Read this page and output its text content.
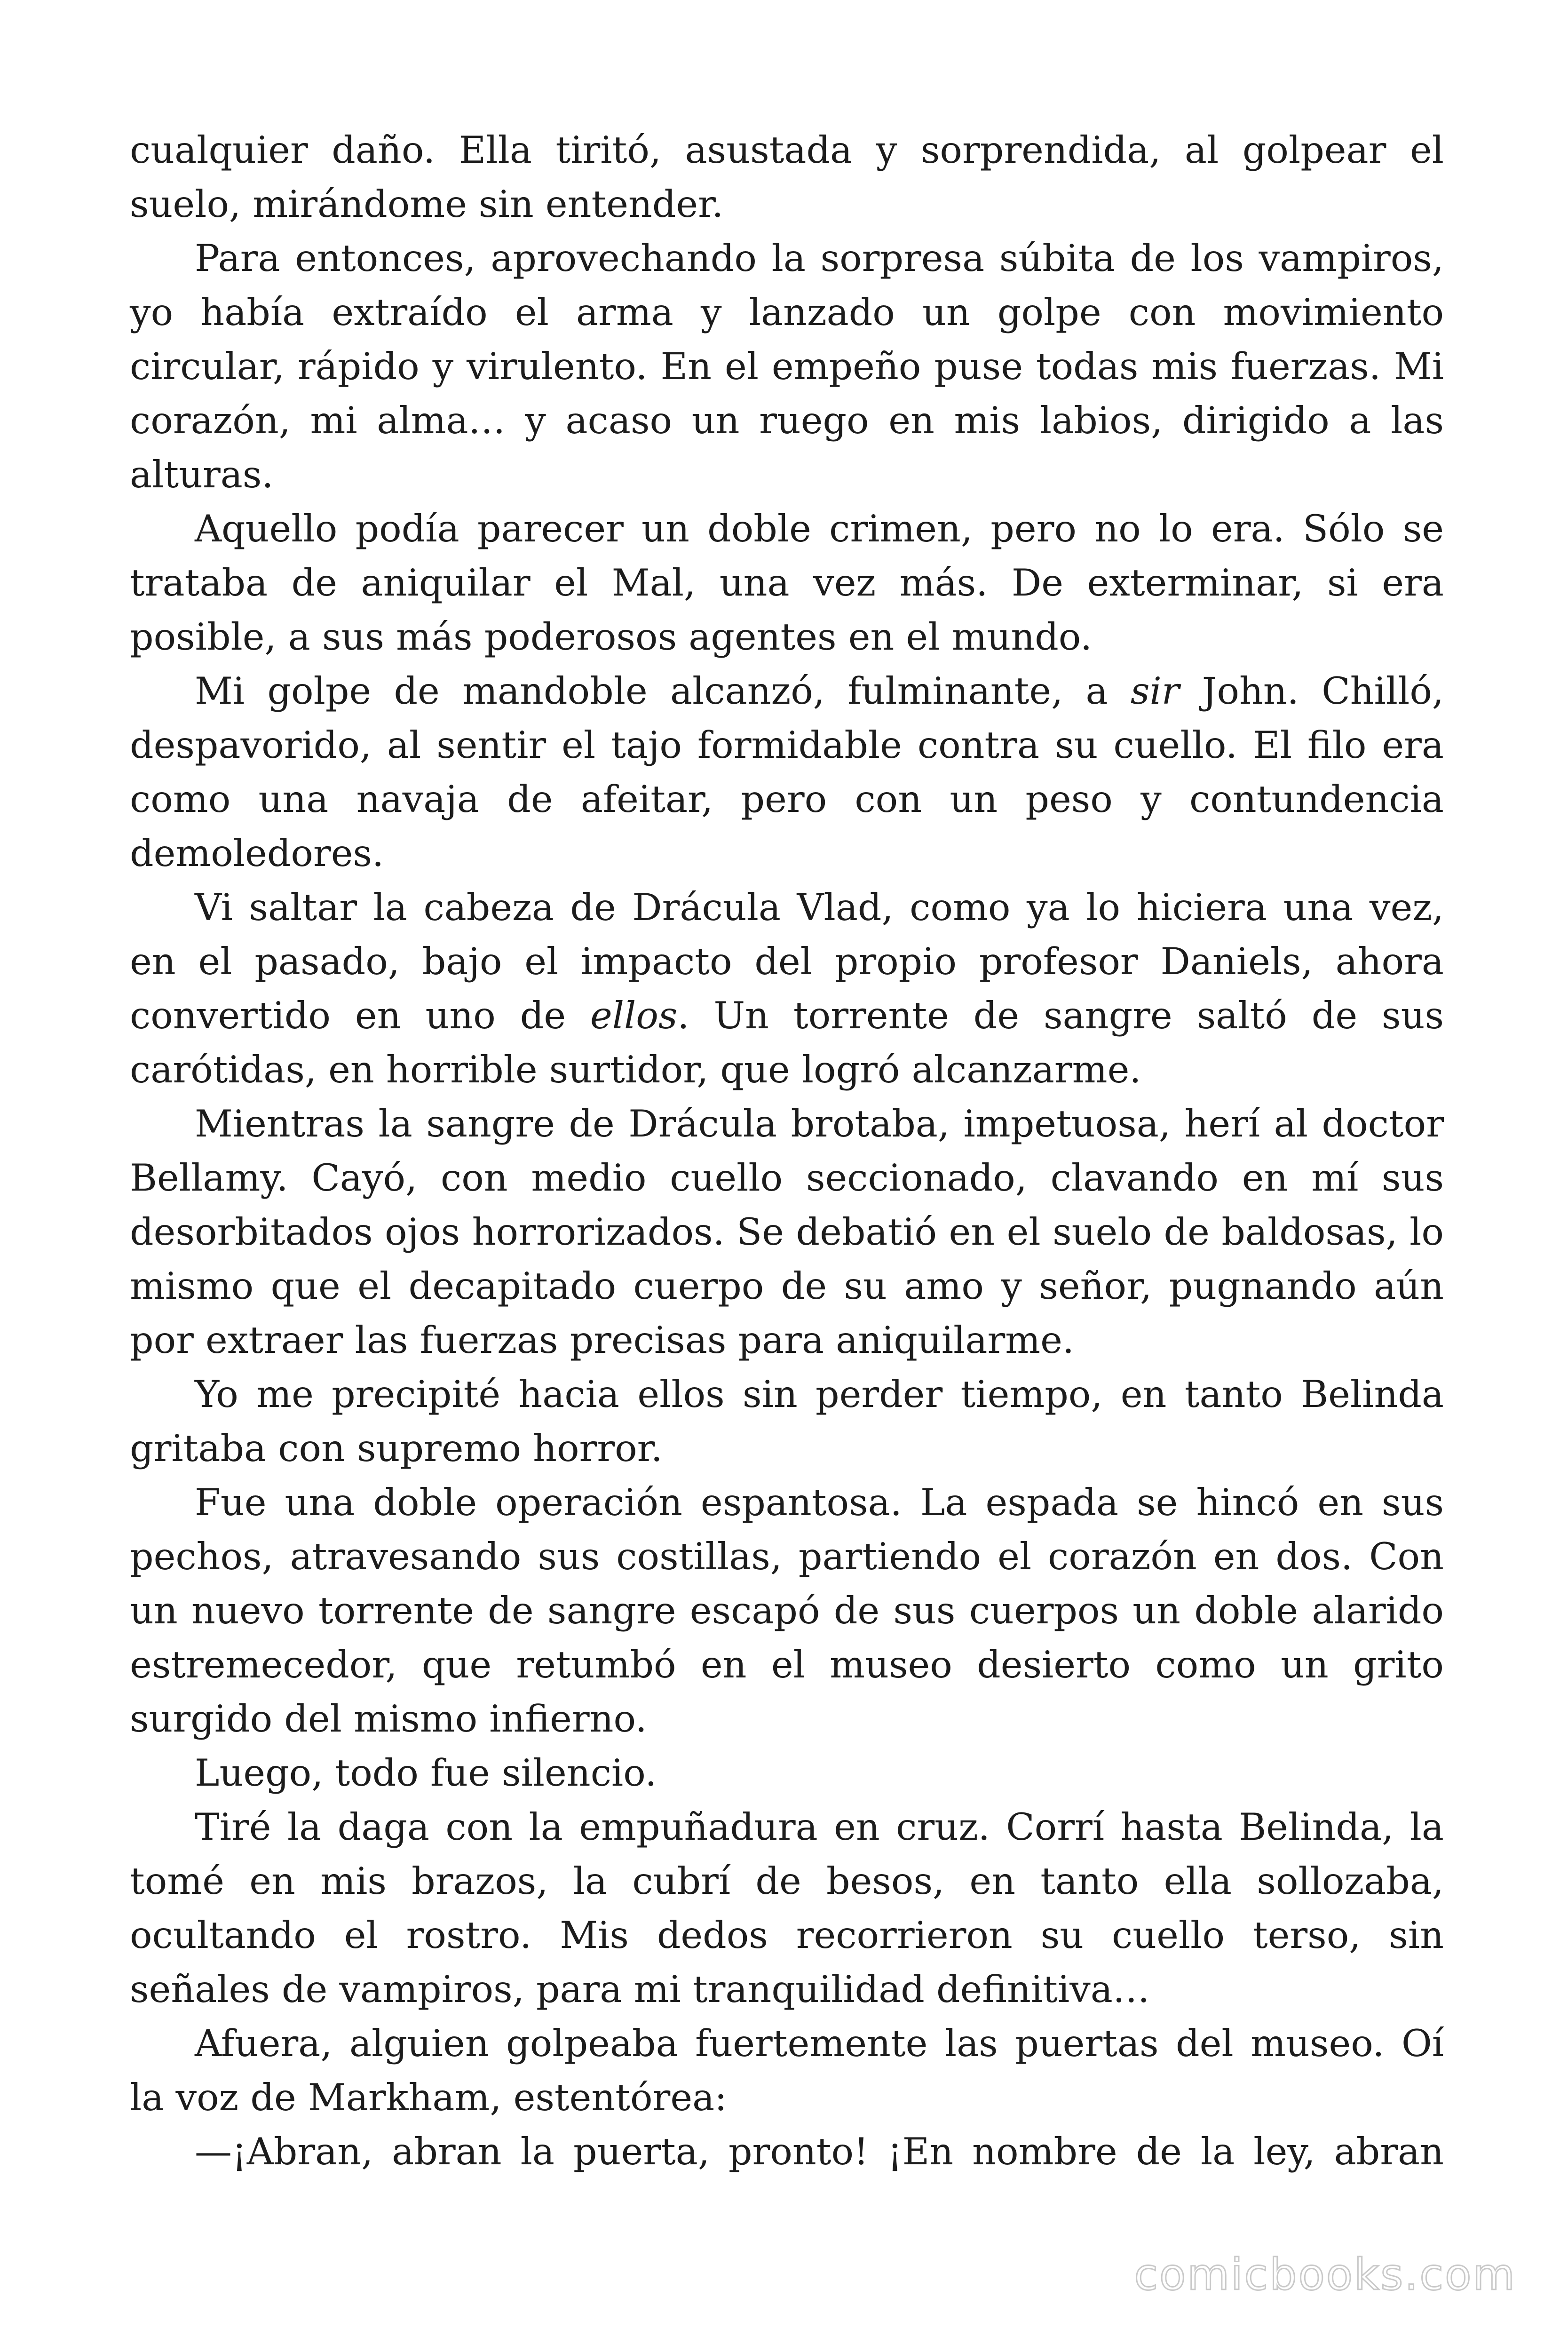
cualquier daño. Ella tiritó, asustada y sorprendida, al golpear el suelo, mirándome sin entender.

Para entonces, aprovechando la sorpresa súbita de los vampiros, yo había extraído el arma y lanzado un golpe con movimiento circular, rápido y virulento. En el empeño puse todas mis fuerzas. Mi corazón, mi alma… y acaso un ruego en mis labios, dirigido a las alturas.

Aquello podía parecer un doble crimen, pero no lo era. Sólo se trataba de aniquilar el Mal, una vez más. De exterminar, si era posible, a sus más poderosos agentes en el mundo.

Mi golpe de mandoble alcanzó, fulminante, a sir John. Chilló, despavorido, al sentir el tajo formidable contra su cuello. El filo era como una navaja de afeitar, pero con un peso y contundencia demoledores.

Vi saltar la cabeza de Drácula Vlad, como ya lo hiciera una vez, en el pasado, bajo el impacto del propio profesor Daniels, ahora convertido en uno de ellos. Un torrente de sangre saltó de sus carótidas, en horrible surtidor, que logró alcanzarme.

Mientras la sangre de Drácula brotaba, impetuosa, herí al doctor Bellamy. Cayó, con medio cuello seccionado, clavando en mí sus desorbitados ojos horrorizados. Se debatió en el suelo de baldosas, lo mismo que el decapitado cuerpo de su amo y señor, pugnando aún por extraer las fuerzas precisas para aniquilarme.

Yo me precipité hacia ellos sin perder tiempo, en tanto Belinda gritaba con supremo horror.

Fue una doble operación espantosa. La espada se hincó en sus pechos, atravesando sus costillas, partiendo el corazón en dos. Con un nuevo torrente de sangre escapó de sus cuerpos un doble alarido estremecedor, que retumbó en el museo desierto como un grito surgido del mismo infierno.

Luego, todo fue silencio.

Tiré la daga con la empuñadura en cruz. Corrí hasta Belinda, la tomé en mis brazos, la cubrí de besos, en tanto ella sollozaba, ocultando el rostro. Mis dedos recorrieron su cuello terso, sin señales de vampiros, para mi tranquilidad definitiva…

Afuera, alguien golpeaba fuertemente las puertas del museo. Oí la voz de Markham, estentórea:

—¡Abran, abran la puerta, pronto! ¡En nombre de la ley, abran

comicbooks.com
